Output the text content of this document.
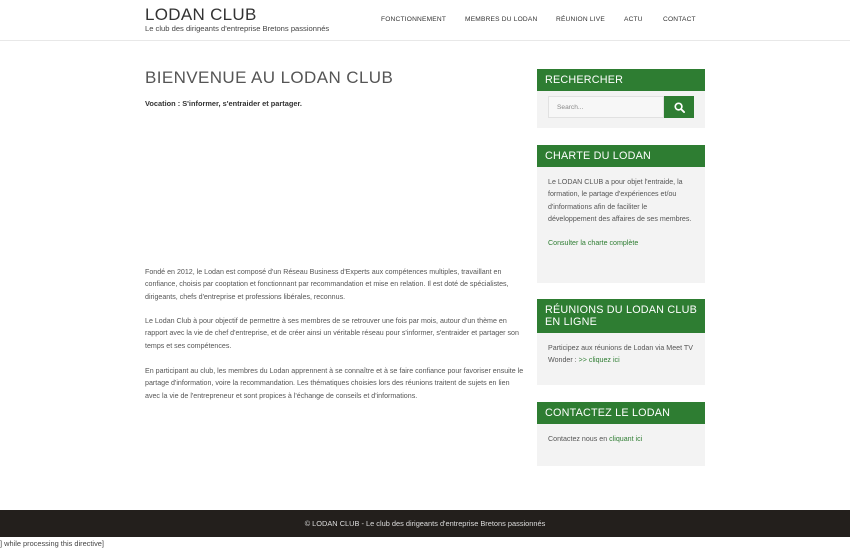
LODAN CLUB
Le club des dirigeants d'entreprise Bretons passionnés
FONCTIONNEMENT	MEMBRES DU LODAN	RÉUNION LIVE	ACTU	CONTACT
BIENVENUE AU LODAN CLUB
Vocation : S'informer, s'entraider et partager.

Fondé en 2012, le Lodan est composé d'un Réseau Business d'Experts aux compétences multiples, travaillant en confiance, choisis par cooptation et fonctionnant par recommandation et mise en relation. Il est doté de spécialistes, dirigeants, chefs d'entreprise et professions libérales, reconnus.

Le Lodan Club à pour objectif de permettre à ses membres de se retrouver une fois par mois, autour d'un thème en rapport avec la vie de chef d'entreprise, et de créer ainsi un véritable réseau pour s'informer, s'entraider et partager son temps et ses compétences.

En participant au club, les membres du Lodan apprennent à se connaître et à se faire confiance pour favoriser ensuite le partage d'information, voire la recommandation. Les thématiques choisies lors des réunions traitent de sujets en lien avec la vie de l'entrepreneur et sont propices à l'échange de conseils et d'informations.

RECHERCHER
Search...
CHARTE DU LODAN

Le LODAN CLUB a pour objet l'entraide, la formation, le partage d'expériences et/ou d'informations afin de faciliter le développement des affaires de ses membres.

Consulter la charte complète

RÉUNIONS DU LODAN CLUB EN LIGNE
Participez aux réunions de Lodan via Meet TV Wonder : >> cliquez ici
CONTACTEZ LE LODAN
Contactez nous en cliquant ici
© LODAN CLUB - Le club des dirigeants d'entreprise Bretons passionnés
] while processing this directive]
